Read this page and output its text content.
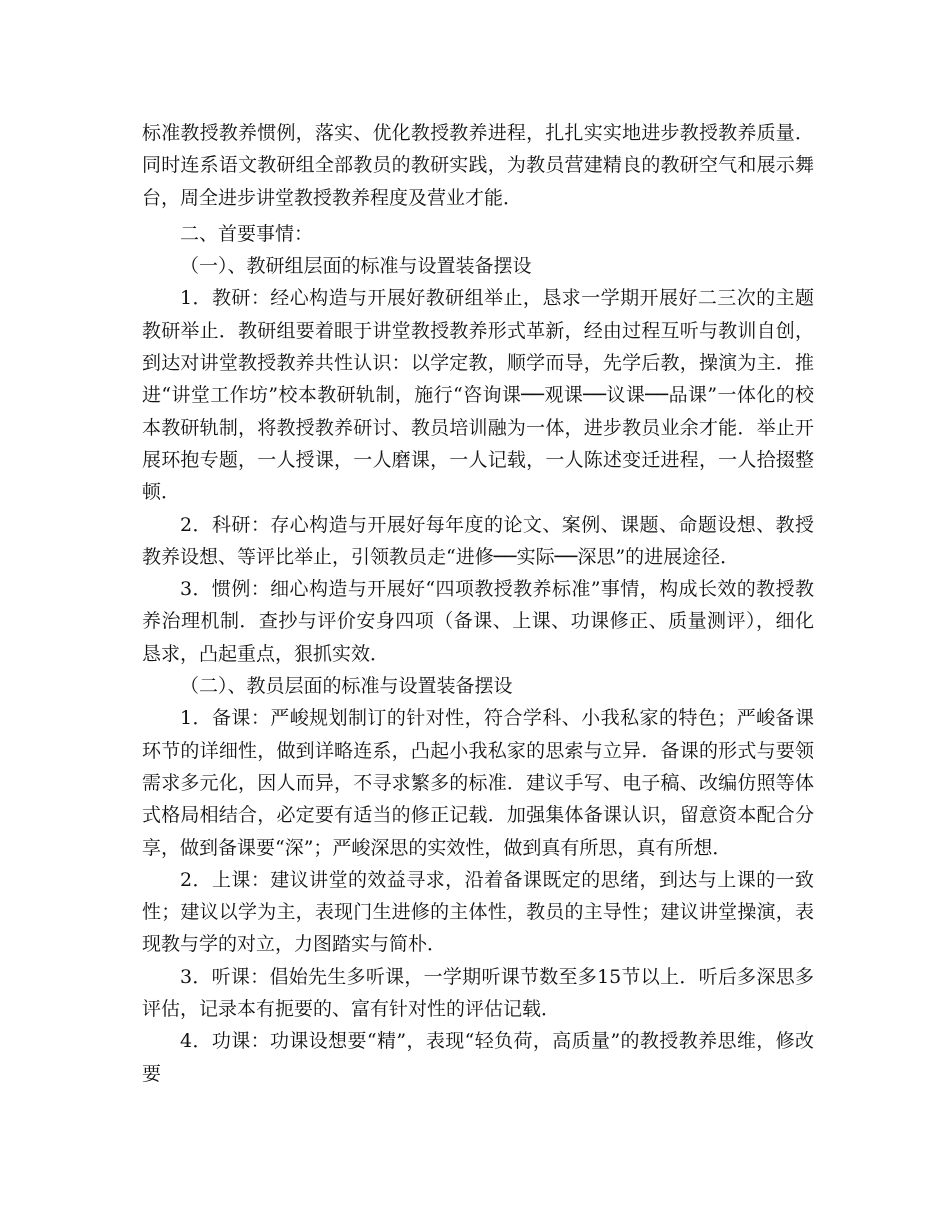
标准教授教养惯例，落实、优化教授教养进程，扎扎实实地进步教授教养质量．同时连系语文教研组全部教员的教研实践，为教员营建精良的教研空气和展示舞台，周全进步讲堂教授教养程度及营业才能．

二、首要事情：

（一）、教研组层面的标准与设置装备摆设

1．教研：经心构造与开展好教研组举止，恳求一学期开展好二三次的主题教研举止．教研组要着眼于讲堂教授教养形式革新，经由过程互听与教训自创，到达对讲堂教授教养共性认识：以学定教，顺学而导，先学后教，操演为主．推进“讲堂工作坊”校本教研轨制，施行“咨询课──观课──议课──品课”一体化的校本教研轨制，将教授教养研讨、教员培训融为一体，进步教员业余才能．举止开展环抱专题，一人授课，一人磨课，一人记载，一人陈述变迁进程，一人拾掇整顿．

2．科研：存心构造与开展好每年度的论文、案例、课题、命题设想、教授教养设想、等评比举止，引领教员走“进修──实际──深思”的进展途径．

3．惯例：细心构造与开展好“四项教授教养标准”事情，构成长效的教授教养治理机制．查抄与评价安身四项（备课、上课、功课修正、质量测评），细化恳求，凸起重点，狠抓实效．

（二）、教员层面的标准与设置装备摆设

1．备课：严峻规划制订的针对性，符合学科、小我私家的特色；严峻备课环节的详细性，做到详略连系，凸起小我私家的思索与立异．备课的形式与要领需求多元化，因人而异，不寻求繁多的标准．建议手写、电子稿、改编仿照等体式格局相结合，必定要有适当的修正记载．加强集体备课认识，留意资本配合分享，做到备课要“深”；严峻深思的实效性，做到真有所思，真有所想．

2．上课：建议讲堂的效益寻求，沿着备课既定的思绪，到达与上课的一致性；建议以学为主，表现门生进修的主体性，教员的主导性；建议讲堂操演，表现教与学的对立，力图踏实与简朴．

3．听课：倡始先生多听课，一学期听课节数至多15节以上．听后多深思多评估，记录本有扼要的、富有针对性的评估记载．

4．功课：功课设想要“精”，表现“轻负荷，高质量”的教授教养思维，修改要
